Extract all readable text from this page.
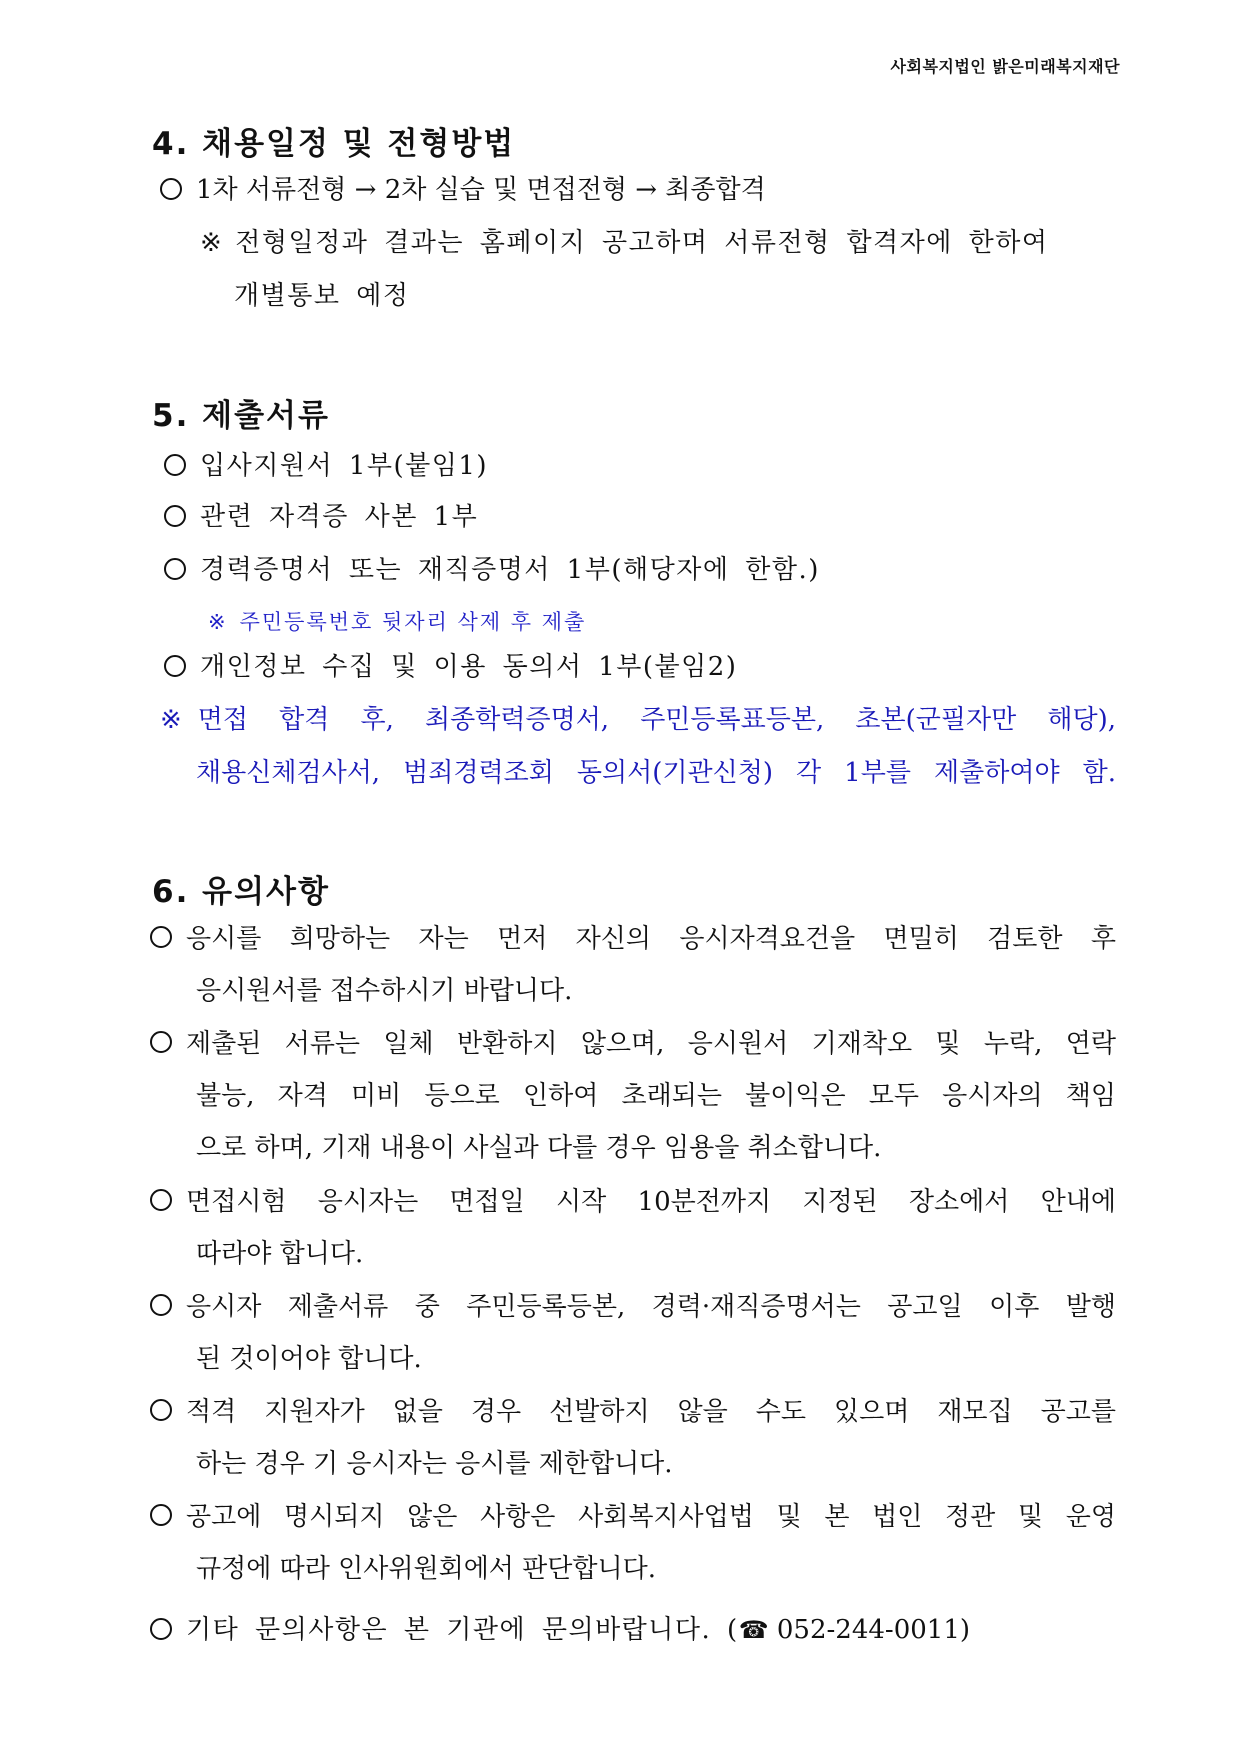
사회복지법인 밝은미래복지재단
4. 채용일정 및 전형방법
1차 서류전형 → 2차 실습 및 면접전형 → 최종합격
※ 전형일정과 결과는 홈페이지 공고하며 서류전형 합격자에 한하여
개별통보 예정
5. 제출서류
입사지원서 1부(붙임1)
관련 자격증 사본 1부
경력증명서 또는 재직증명서 1부(해당자에 한함.)
※ 주민등록번호 뒷자리 삭제 후 제출
개인정보 수집 및 이용 동의서 1부(붙임2)
※ 면접 합격 후, 최종학력증명서, 주민등록표등본, 초본(군필자만 해당),
채용신체검사서, 범죄경력조회 동의서(기관신청) 각 1부를 제출하여야 함.
6. 유의사항
응시를 희망하는 자는 먼저 자신의 응시자격요건을 면밀히 검토한 후
응시원서를 접수하시기 바랍니다.
제출된 서류는 일체 반환하지 않으며, 응시원서 기재착오 및 누락, 연락
불능, 자격 미비 등으로 인하여 초래되는 불이익은 모두 응시자의 책임
으로 하며, 기재 내용이 사실과 다를 경우 임용을 취소합니다.
면접시험 응시자는 면접일 시작 10분전까지 지정된 장소에서 안내에
따라야 합니다.
응시자 제출서류 중 주민등록등본, 경력·재직증명서는 공고일 이후 발행
된 것이어야 합니다.
적격 지원자가 없을 경우 선발하지 않을 수도 있으며 재모집 공고를
하는 경우 기 응시자는 응시를 제한합니다.
공고에 명시되지 않은 사항은 사회복지사업법 및 본 법인 정관 및 운영
규정에 따라 인사위원회에서 판단합니다.
기타 문의사항은 본 기관에 문의바랍니다. (☎ 052-244-0011)
